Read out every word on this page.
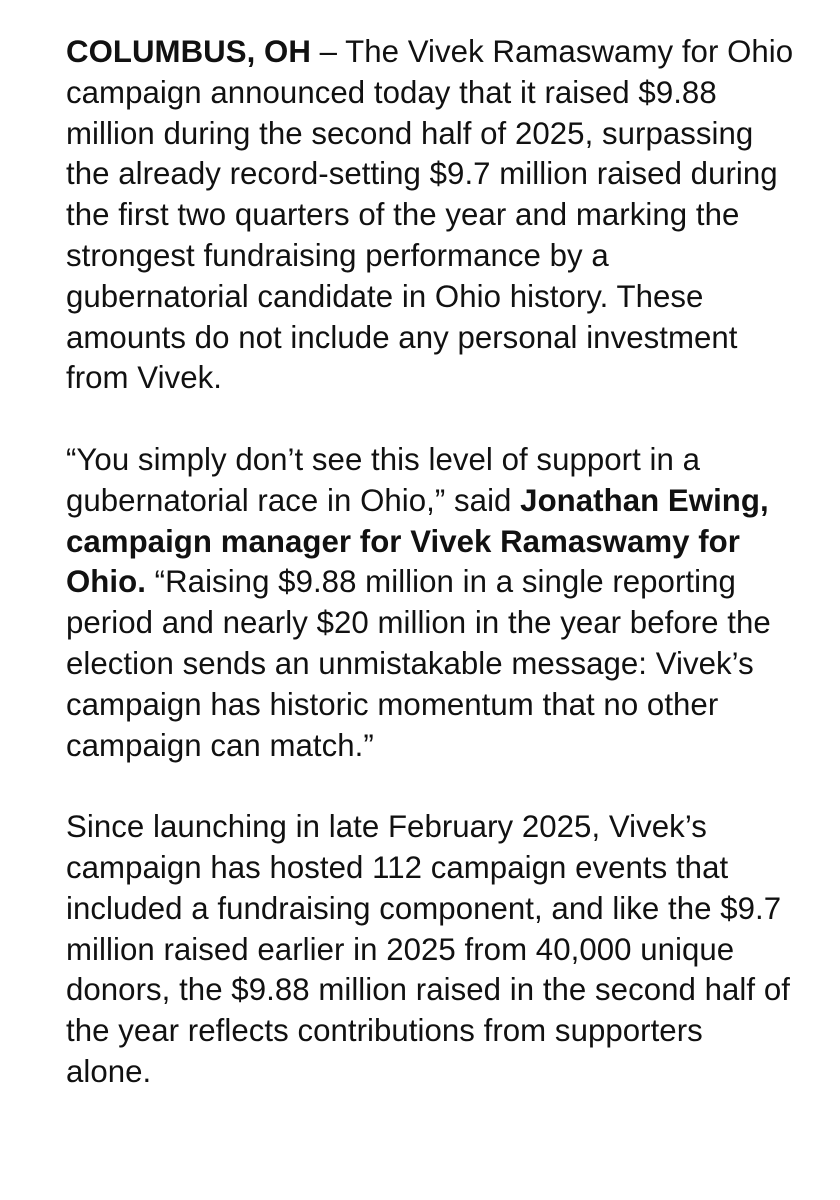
COLUMBUS, OH – The Vivek Ramaswamy for Ohio campaign announced today that it raised $9.88 million during the second half of 2025, surpassing the already record-setting $9.7 million raised during the first two quarters of the year and marking the strongest fundraising performance by a gubernatorial candidate in Ohio history. These amounts do not include any personal investment from Vivek.

“You simply don’t see this level of support in a gubernatorial race in Ohio,” said Jonathan Ewing, campaign manager for Vivek Ramaswamy for Ohio. “Raising $9.88 million in a single reporting period and nearly $20 million in the year before the election sends an unmistakable message: Vivek’s campaign has historic momentum that no other campaign can match.”

Since launching in late February 2025, Vivek’s campaign has hosted 112 campaign events that included a fundraising component, and like the $9.7 million raised earlier in 2025 from 40,000 unique donors, the $9.88 million raised in the second half of the year reflects contributions from supporters alone.
